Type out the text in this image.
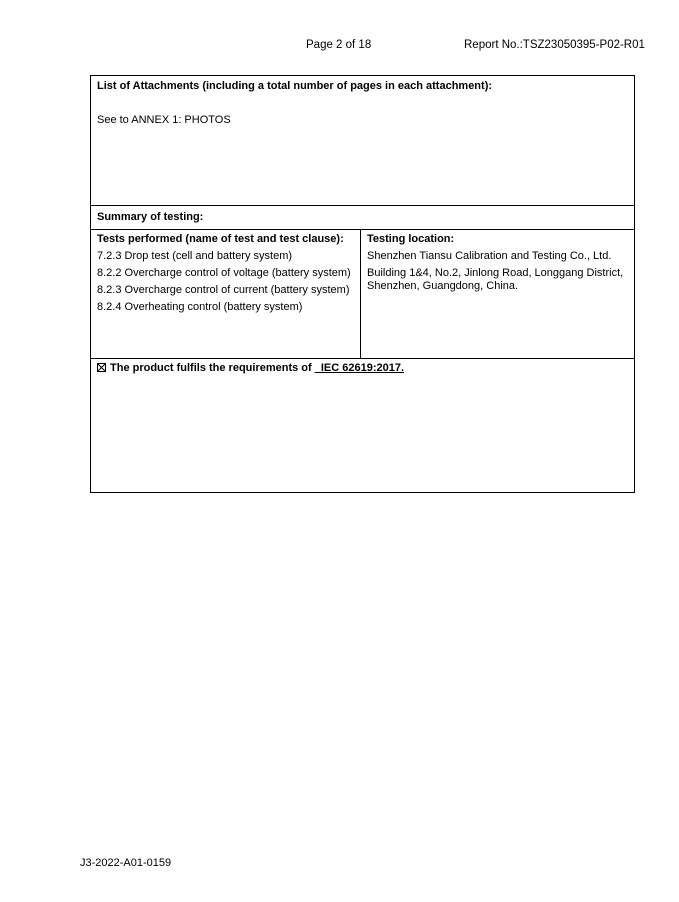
Page 2 of 18	Report No.:TSZ23050395-P02-R01
List of Attachments (including a total number of pages in each attachment):
See to ANNEX 1: PHOTOS
Summary of testing:
Tests performed (name of test and test clause):
7.2.3 Drop test (cell and battery system)
8.2.2 Overcharge control of voltage (battery system)
8.2.3 Overcharge control of current (battery system)
8.2.4 Overheating control (battery system)
Testing location:
Shenzhen Tiansu Calibration and Testing Co., Ltd.
Building 1&4, No.2, Jinlong Road, Longgang District, Shenzhen, Guangdong, China.
The product fulfils the requirements of _IEC 62619:2017.
J3-2022-A01-0159
